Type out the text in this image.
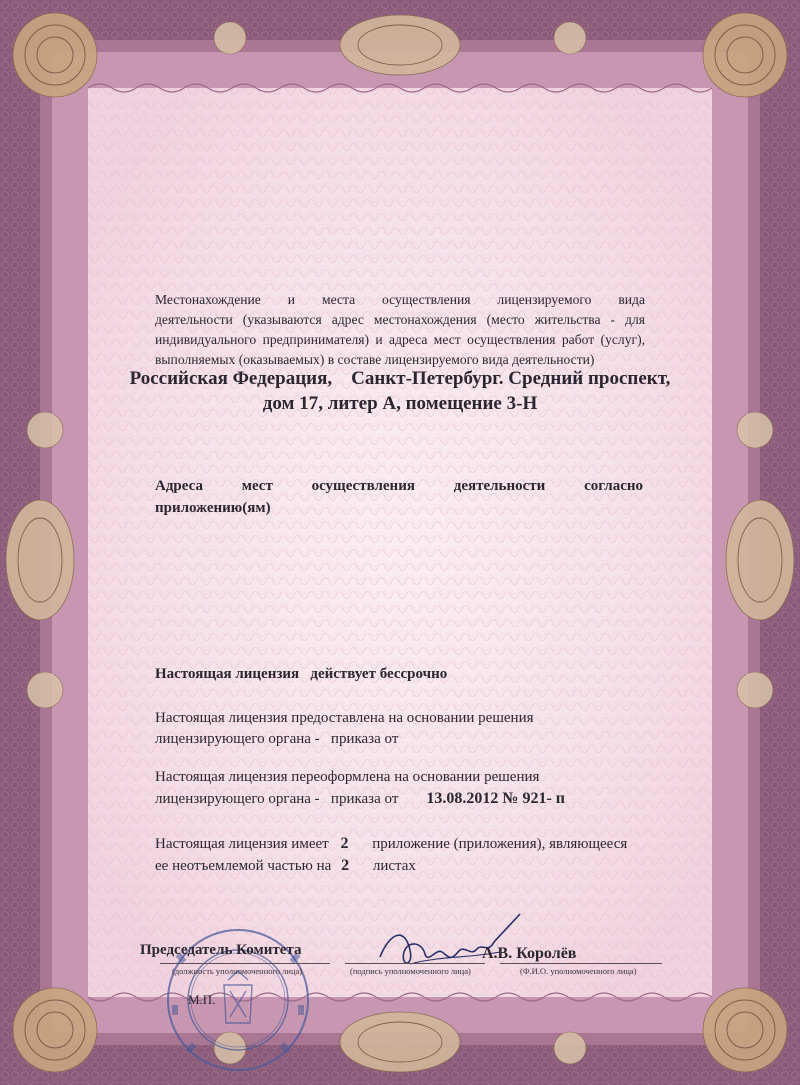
Местонахождение и места осуществления лицензируемого вида
деятельности (указываются адрес местонахождения (место жительства - для
индивидуального предпринимателя) и адреса мест осуществления работ (услуг),
выполняемых (оказываемых) в составе лицензируемого вида деятельности)
Российская Федерация,    Санкт-Петербург. Средний проспект,
дом 17, литер А, помещение 3-Н
Адреса мест осуществления деятельности согласно
приложению(ям)
Настоящая лицензия   действует бессрочно
Настоящая лицензия предоставлена на основании решения
лицензирующего органа -   приказа от
Настоящая лицензия переоформлена на основании решения
лицензирующего органа -   приказа от 13.08.2012 № 921- п
Настоящая лицензия имеет 2 приложение (приложения), являющееся
ее неотъемлемой частью на 2 листах
Председатель Комитета	А.В. Королёв
(должность уполномоченного лица)	(подпись уполномоченного лица)	(Ф.И.О. уполномоченного лица)
М.П.
